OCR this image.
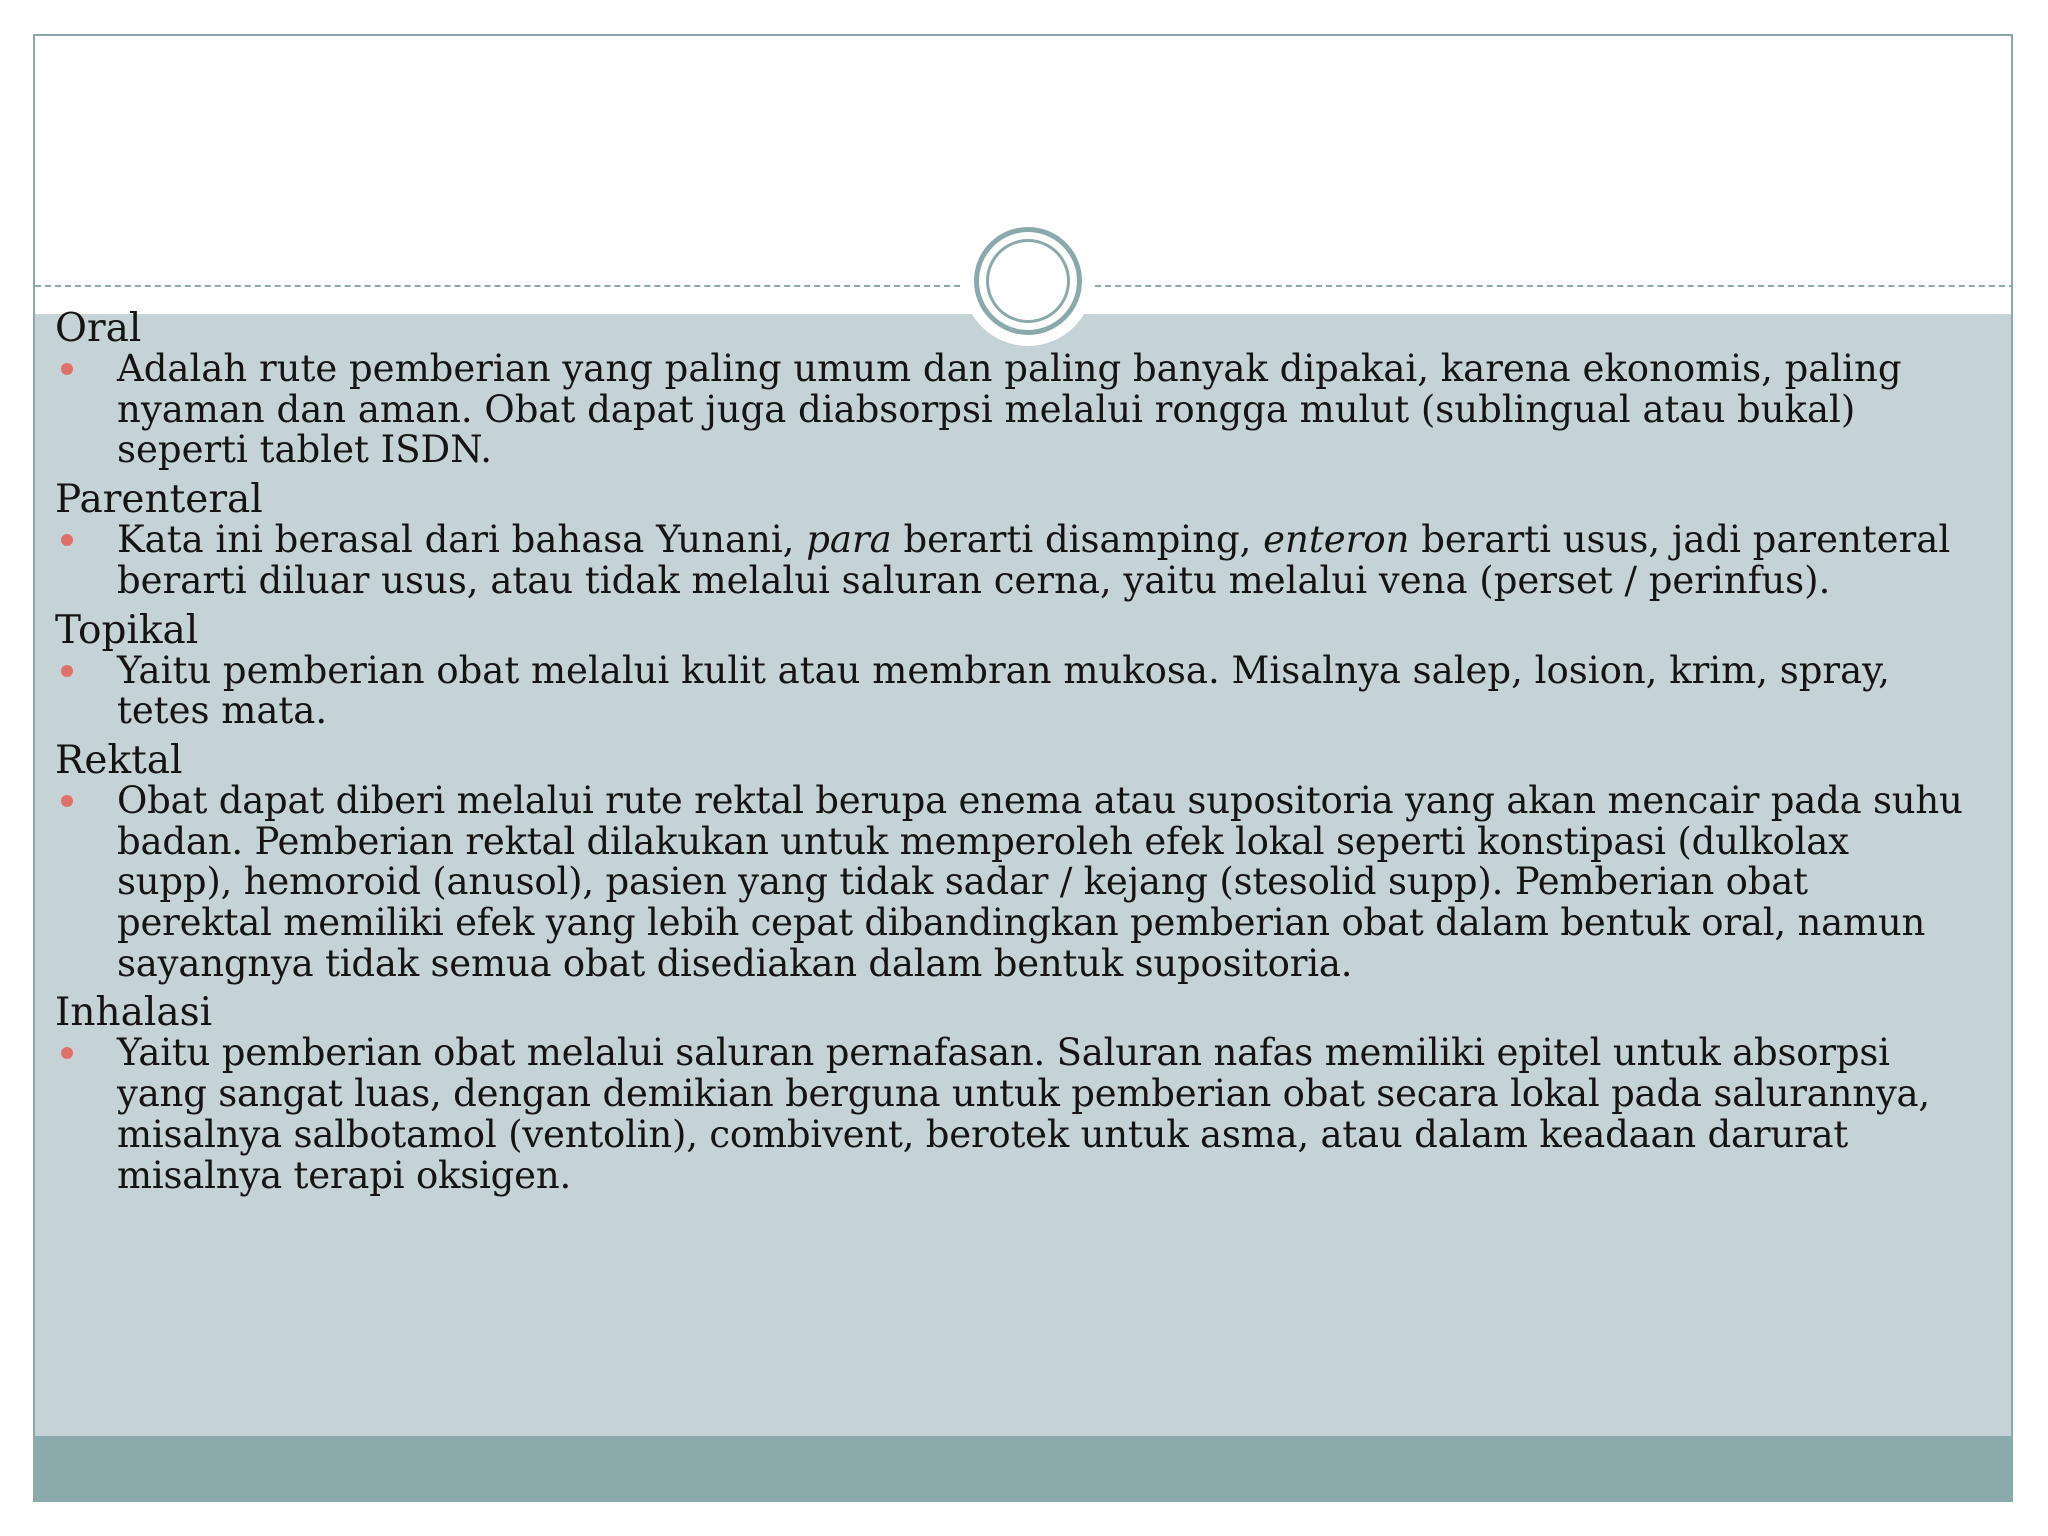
Oral
Adalah rute pemberian yang paling umum dan paling banyak dipakai, karena ekonomis, paling nyaman dan aman. Obat dapat juga diabsorpsi melalui rongga mulut (sublingual atau bukal) seperti tablet ISDN.
Parenteral
Kata ini berasal dari bahasa Yunani, para berarti disamping, enteron berarti usus, jadi parenteral berarti diluar usus, atau tidak melalui saluran cerna, yaitu melalui vena (perset / perinfus).
Topikal
Yaitu pemberian obat melalui kulit atau membran mukosa. Misalnya salep, losion, krim, spray, tetes mata.
Rektal
Obat dapat diberi melalui rute rektal berupa enema atau supositoria yang akan mencair pada suhu badan. Pemberian rektal dilakukan untuk memperoleh efek lokal seperti konstipasi (dulkolax supp), hemoroid (anusol), pasien yang tidak sadar / kejang (stesolid supp). Pemberian obat perektal memiliki efek yang lebih cepat dibandingkan pemberian obat dalam bentuk oral, namun sayangnya tidak semua obat disediakan dalam bentuk supositoria.
Inhalasi
Yaitu pemberian obat melalui saluran pernafasan. Saluran nafas memiliki epitel untuk absorpsi yang sangat luas, dengan demikian berguna untuk pemberian obat secara lokal pada salurannya, misalnya salbotamol (ventolin), combivent, berotek untuk asma, atau dalam keadaan darurat misalnya terapi oksigen.
